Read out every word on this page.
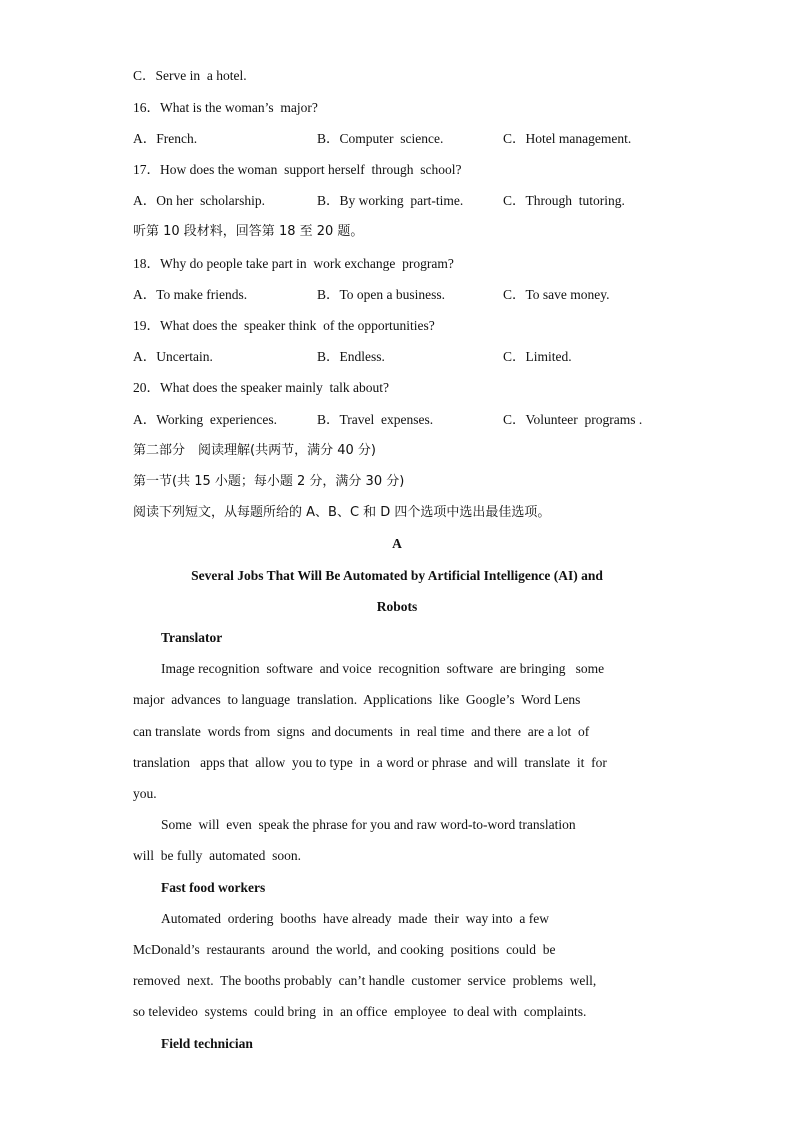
C．Serve in  a hotel.
16．What is the woman’s  major?
A．French.	B．Computer  science.	C．Hotel management.
17．How does the woman  support herself  through  school?
A．On her  scholarship.	B．By working  part-time.	C．Through  tutoring.
听第 10 段材料，回答第 18 至 20 题。
18．Why do people take part in  work exchange  program?
A．To make friends.	B．To open a business.	C．To save money.
19．What does the  speaker think  of the opportunities?
A．Uncertain.	B．Endless.	C．Limited.
20．What does the speaker mainly  talk about?
A．Working  experiences.	B．Travel  expenses.	C．Volunteer  programs .
第二部分　阅读理解(共两节，满分 40 分)
第一节(共 15 小题；每小题 2 分，满分 30 分)
阅读下列短文，从每题所给的 A、B、C 和 D 四个选项中选出最佳选项。
A
Several Jobs That Will Be Automated by Artificial Intelligence (AI) and
Robots
Translator
Image recognition  software  and voice  recognition  software  are bringing   some
major  advances  to language  translation.  Applications  like  Google’s  Word Lens
can translate  words from  signs  and documents  in  real time  and there  are a lot  of
translation   apps that  allow  you to type  in  a word or phrase  and will  translate  it  for
you.
Some  will  even  speak the phrase for you and raw word-to-word translation
will  be fully  automated  soon.
Fast food workers
Automated  ordering  booths  have already  made  their  way into  a few
McDonald’s  restaurants  around  the world,  and cooking  positions  could  be
removed  next.  The booths probably  can’t handle  customer  service  problems  well,
so televideo  systems  could bring  in  an office  employee  to deal with  complaints.
Field technician
